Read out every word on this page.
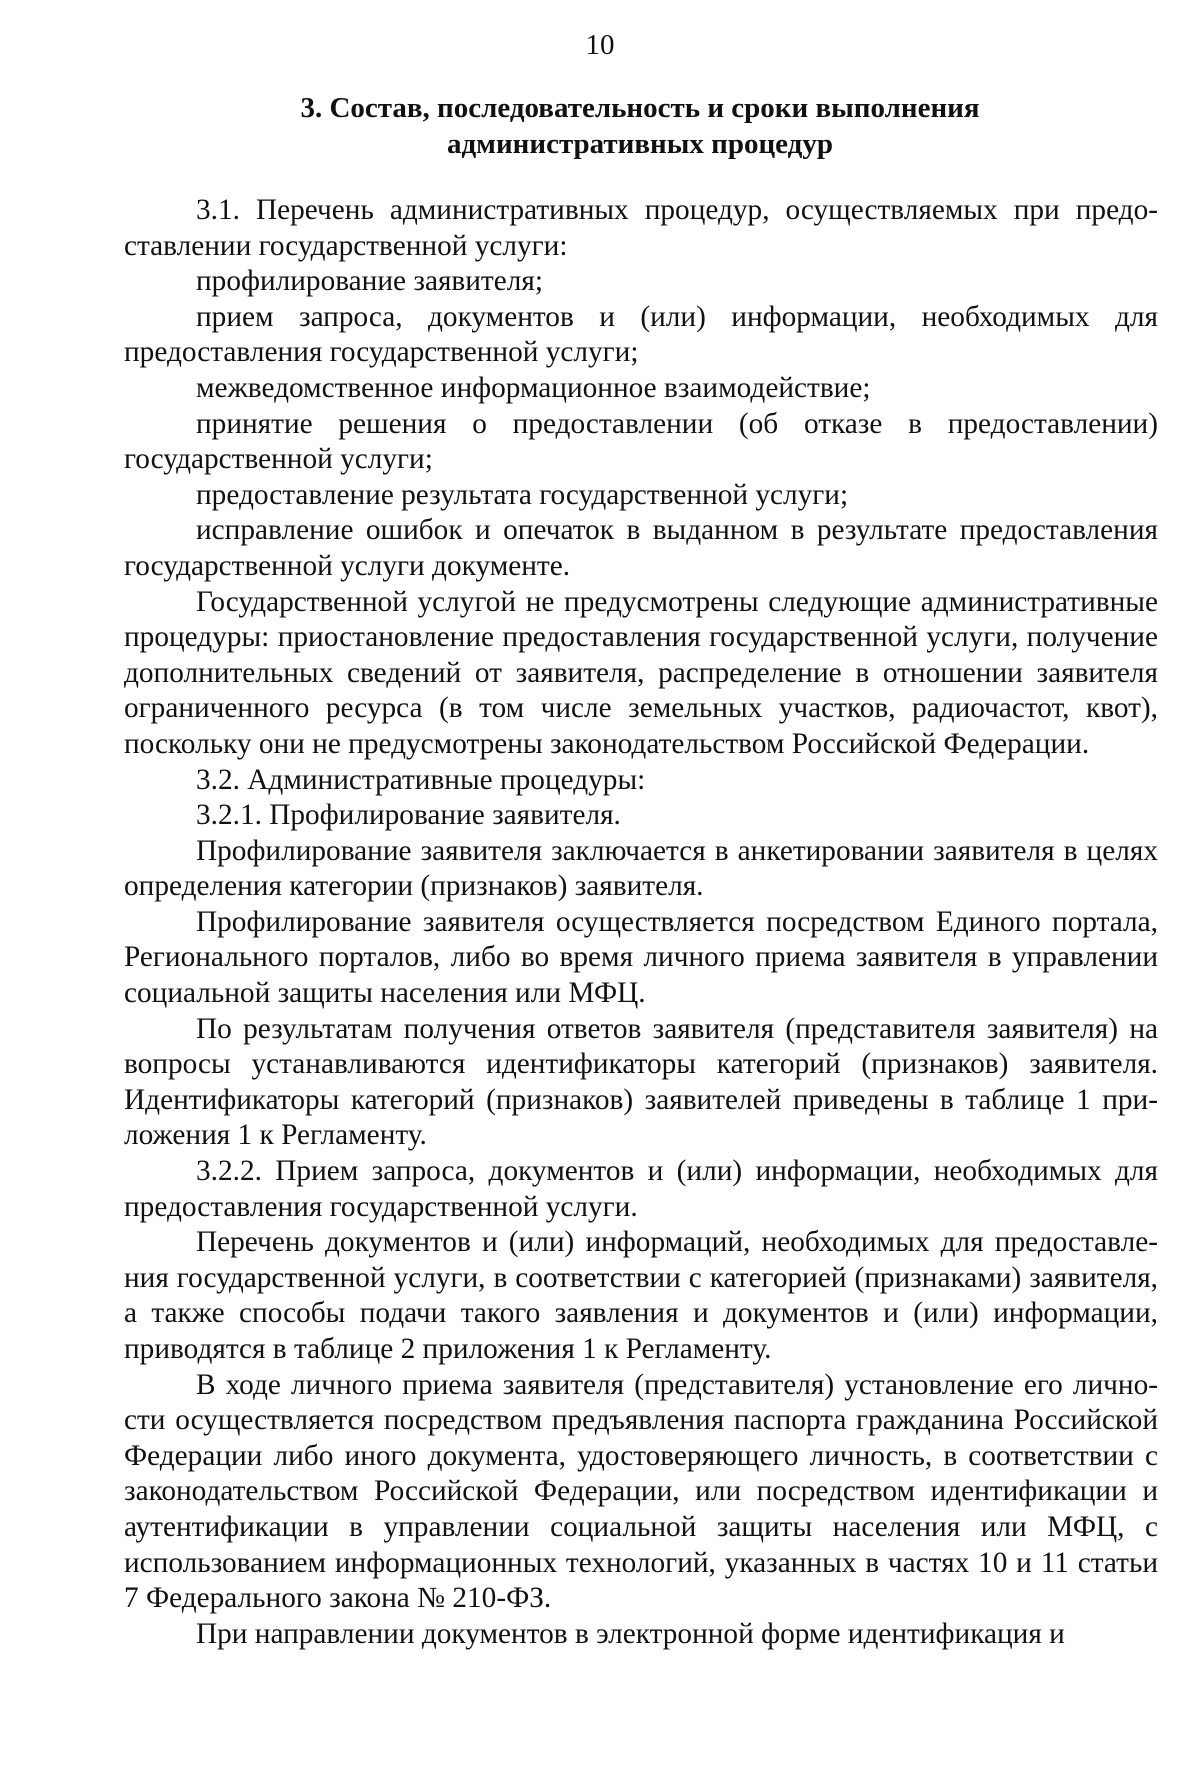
10
3. Состав, последовательность и сроки выполнения
административных процедур

3.1. Перечень административных процедур, осуществляемых при предоставлении государственной услуги:

профилирование заявителя;

прием запроса, документов и (или) информации, необходимых для предоставления государственной услуги;

межведомственное информационное взаимодействие;

принятие решения о предоставлении (об отказе в предоставлении) государственной услуги;

предоставление результата государственной услуги;

исправление ошибок и опечаток в выданном в результате предоставления государственной услуги документе.

Государственной услугой не предусмотрены следующие административные процедуры: приостановление предоставления государственной услуги, получение дополнительных сведений от заявителя, распределение в отношении заявителя ограниченного ресурса (в том числе земельных участков, радиочастот, квот), поскольку они не предусмотрены законодательством Российской Федерации.

3.2. Административные процедуры:

3.2.1. Профилирование заявителя.

Профилирование заявителя заключается в анкетировании заявителя в целях определения категории (признаков) заявителя.

Профилирование заявителя осуществляется посредством Единого портала, Регионального порталов, либо во время личного приема заявителя в управлении социальной защиты населения или МФЦ.

По результатам получения ответов заявителя (представителя заявителя) на вопросы устанавливаются идентификаторы категорий (признаков) заявителя. Идентификаторы категорий (признаков) заявителей приведены в таблице 1 приложения 1 к Регламенту.

3.2.2. Прием запроса, документов и (или) информации, необходимых для предоставления государственной услуги.

Перечень документов и (или) информаций, необходимых для предоставления государственной услуги, в соответствии с категорией (признаками) заявителя, а также способы подачи такого заявления и документов и (или) информации, приводятся в таблице 2 приложения 1 к Регламенту.

В ходе личного приема заявителя (представителя) установление его личности осуществляется посредством предъявления паспорта гражданина Российской Федерации либо иного документа, удостоверяющего личность, в соответствии с законодательством Российской Федерации, или посредством идентификации и аутентификации в управлении социальной защиты населения или МФЦ, с использованием информационных технологий, указанных в частях 10 и 11 статьи 7 Федерального закона № 210-ФЗ.

При направлении документов в электронной форме идентификация и
